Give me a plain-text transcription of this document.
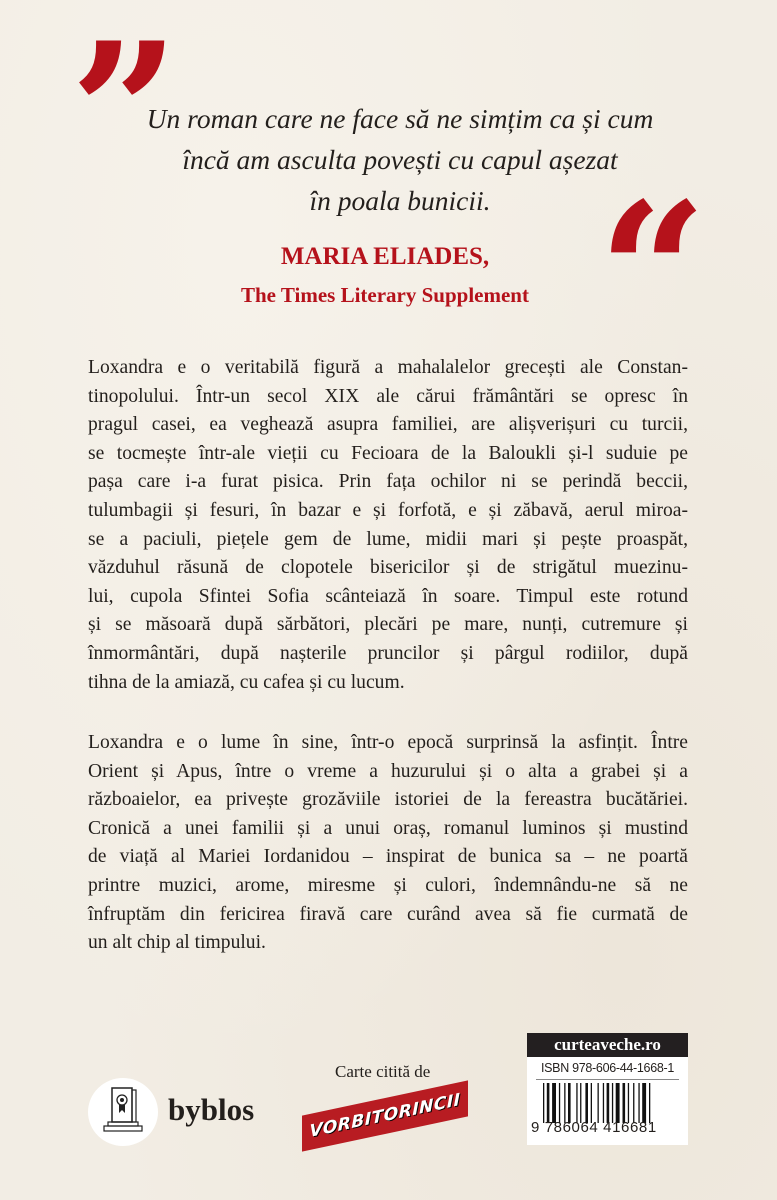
”
Un roman care ne face să ne simțim ca și cum
încă am asculta povești cu capul așezat
în poala bunicii. “
MARIA ELIADES,
The Times Literary Supplement
Loxandra e o veritabilă figură a mahalalelor grecești ale Constan-
tinopolului. Într-un secol XIX ale cărui frământări se opresc în
pragul casei, ea veghează asupra familiei, are alișverișuri cu turcii,
se tocmește într-ale vieții cu Fecioara de la Baloukli și-l suduie pe
pașa care i-a furat pisica. Prin fața ochilor ni se perindă beccii,
tulumbagii și fesuri, în bazar e și forfotă, e și zăbavă, aerul miroa-
se a paciuli, piețele gem de lume, midii mari și pește proaspăt,
văzduhul răsună de clopotele bisericilor și de strigătul muezinu-
lui, cupola Sfintei Sofia scânteiază în soare. Timpul este rotund
și se măsoară după sărbători, plecări pe mare, nunți, cutremure și
înmormântări, după nașterile pruncilor și pârgul rodiilor, după
tihna de la amiază, cu cafea și cu lucum.
Loxandra e o lume în sine, într-o epocă surprinsă la asfințit. Între
Orient și Apus, între o vreme a huzurului și o alta a grabei și a
războaielor, ea privește grozăviile istoriei de la fereastra bucătăriei.
Cronică a unei familii și a unui oraș, romanul luminos și mustind
de viață al Mariei Iordanidou – inspirat de bunica sa – ne poartă
printre muzici, arome, miresme și culori, îndemnându-ne să ne
înfruptăm din fericirea firavă care curând avea să fie curmată de
un alt chip al timpului.
byblos
Carte citită de
VORBITORINCII
curteaveche.ro
ISBN 978-606-44-1668-1
9 786064 416681
